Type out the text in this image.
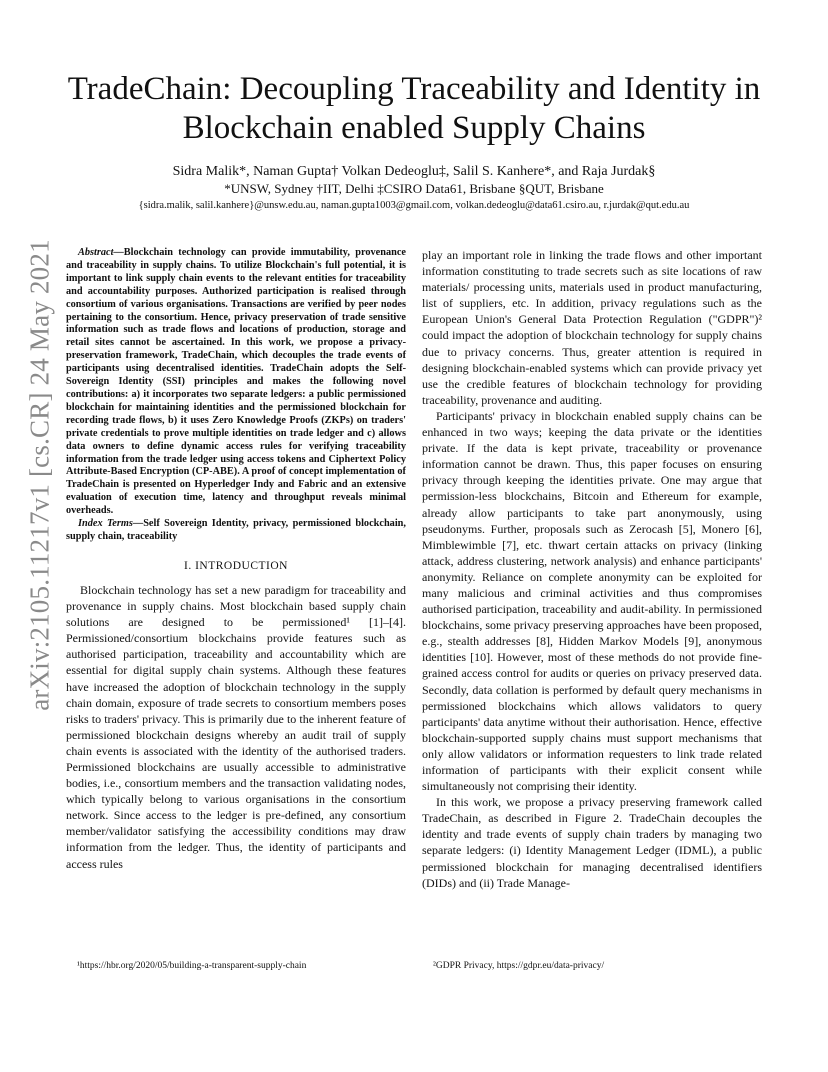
arXiv:2105.11217v1 [cs.CR] 24 May 2021
TradeChain: Decoupling Traceability and Identity in Blockchain enabled Supply Chains
Sidra Malik*, Naman Gupta† Volkan Dedeoglu‡, Salil S. Kanhere*, and Raja Jurdak§
*UNSW, Sydney †IIT, Delhi ‡CSIRO Data61, Brisbane §QUT, Brisbane
{sidra.malik, salil.kanhere}@unsw.edu.au, naman.gupta1003@gmail.com, volkan.dedeoglu@data61.csiro.au, r.jurdak@qut.edu.au

Abstract—Blockchain technology can provide immutability, provenance and traceability in supply chains. To utilize Blockchain's full potential, it is important to link supply chain events to the relevant entities for traceability and accountability purposes. Authorized participation is realised through consortium of various organisations. Transactions are verified by peer nodes pertaining to the consortium. Hence, privacy preservation of trade sensitive information such as trade flows and locations of production, storage and retail sites cannot be ascertained. In this work, we propose a privacy-preservation framework, TradeChain, which decouples the trade events of participants using decentralised identities. TradeChain adopts the Self-Sovereign Identity (SSI) principles and makes the following novel contributions: a) it incorporates two separate ledgers: a public permissioned blockchain for maintaining identities and the permissioned blockchain for recording trade flows, b) it uses Zero Knowledge Proofs (ZKPs) on traders' private credentials to prove multiple identities on trade ledger and c) allows data owners to define dynamic access rules for verifying traceability information from the trade ledger using access tokens and Ciphertext Policy Attribute-Based Encryption (CP-ABE). A proof of concept implementation of TradeChain is presented on Hyperledger Indy and Fabric and an extensive evaluation of execution time, latency and throughput reveals minimal overheads.

Index Terms—Self Sovereign Identity, privacy, permissioned blockchain, supply chain, traceability

I. INTRODUCTION

Blockchain technology has set a new paradigm for traceability and provenance in supply chains. Most blockchain based supply chain solutions are designed to be permissioned¹ [1]–[4]. Permissioned/consortium blockchains provide features such as authorised participation, traceability and accountability which are essential for digital supply chain systems. Although these features have increased the adoption of blockchain technology in the supply chain domain, exposure of trade secrets to consortium members poses risks to traders' privacy. This is primarily due to the inherent feature of permissioned blockchain designs whereby an audit trail of supply chain events is associated with the identity of the authorised traders. Permissioned blockchains are usually accessible to administrative bodies, i.e., consortium members and the transaction validating nodes, which typically belong to various organisations in the consortium network. Since access to the ledger is pre-defined, any consortium member/validator satisfying the accessibility conditions may draw information from the ledger. Thus, the identity of participants and access rules

play an important role in linking the trade flows and other important information constituting to trade secrets such as site locations of raw materials/ processing units, materials used in product manufacturing, list of suppliers, etc. In addition, privacy regulations such as the European Union's General Data Protection Regulation ("GDPR")² could impact the adoption of blockchain technology for supply chains due to privacy concerns. Thus, greater attention is required in designing blockchain-enabled systems which can provide privacy yet use the credible features of blockchain technology for providing traceability, provenance and auditing.

Participants' privacy in blockchain enabled supply chains can be enhanced in two ways; keeping the data private or the identities private. If the data is kept private, traceability or provenance information cannot be drawn. Thus, this paper focuses on ensuring privacy through keeping the identities private. One may argue that permission-less blockchains, Bitcoin and Ethereum for example, already allow participants to take part anonymously, using pseudonyms. Further, proposals such as Zerocash [5], Monero [6], Mimblewimble [7], etc. thwart certain attacks on privacy (linking attack, address clustering, network analysis) and enhance participants' anonymity. Reliance on complete anonymity can be exploited for many malicious and criminal activities and thus compromises authorised participation, traceability and audit-ability. In permissioned blockchains, some privacy preserving approaches have been proposed, e.g., stealth addresses [8], Hidden Markov Models [9], anonymous identities [10]. However, most of these methods do not provide fine-grained access control for audits or queries on privacy preserved data. Secondly, data collation is performed by default query mechanisms in permissioned blockchains which allows validators to query participants' data anytime without their authorisation. Hence, effective blockchain-supported supply chains must support mechanisms that only allow validators or information requesters to link trade related information of participants with their explicit consent while simultaneously not comprising their identity.

In this work, we propose a privacy preserving framework called TradeChain, as described in Figure 2. TradeChain decouples the identity and trade events of supply chain traders by managing two separate ledgers: (i) Identity Management Ledger (IDML), a public permissioned blockchain for managing decentralised identifiers (DIDs) and (ii) Trade Manage-

¹https://hbr.org/2020/05/building-a-transparent-supply-chain	²GDPR Privacy, https://gdpr.eu/data-privacy/
